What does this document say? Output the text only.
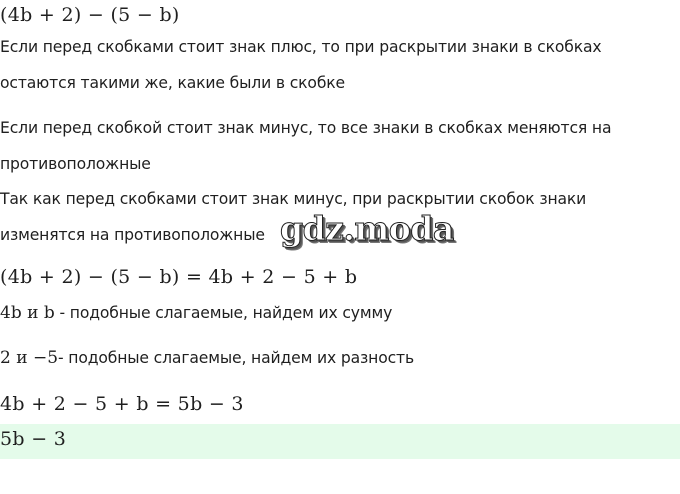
(4b + 2) − (5 − b)
Если перед скобками стоит знак плюс, то при раскрытии знаки в скобках
остаются такими же, какие были в скобке
Если перед скобкой стоит знак минус, то все знаки в скобках меняются на
противоположные
Так как перед скобками стоит знак минус, при раскрытии скобок знаки
изменятся на противоположные gdz.moda
(4b + 2) − (5 − b) = 4b + 2 − 5 + b
4b и b - подобные слагаемые, найдем их сумму
2 и −5- подобные слагаемые, найдем их разность
4b + 2 − 5 + b = 5b − 3
5b − 3
